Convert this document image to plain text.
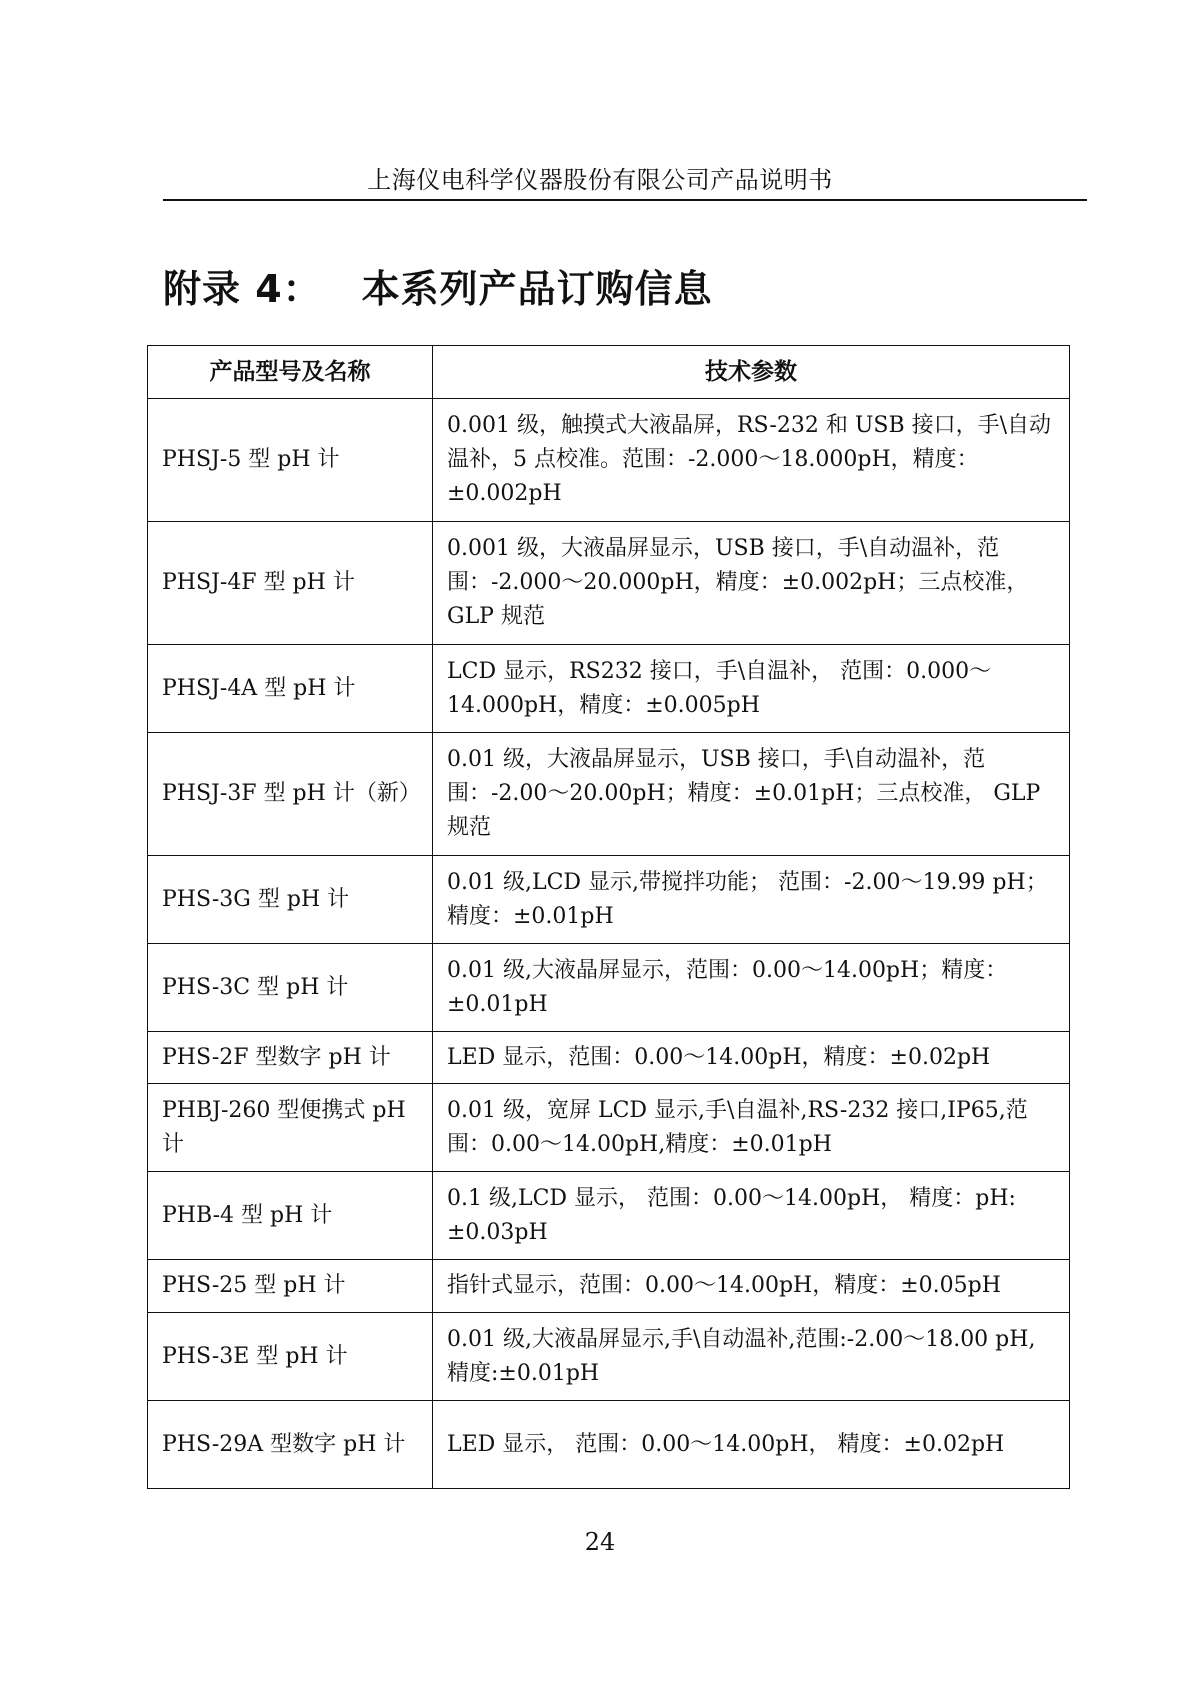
上海仪电科学仪器股份有限公司产品说明书
附录 4： 本系列产品订购信息
产品型号及名称	技术参数
PHSJ-5 型 pH 计	0.001 级，触摸式大液晶屏，RS-232 和 USB 接口，手\自动温补，5 点校准。范围：-2.000～18.000pH，精度：±0.002pH
PHSJ-4F 型 pH 计	0.001 级，大液晶屏显示，USB 接口，手\自动温补，范围：-2.000～20.000pH，精度：±0.002pH；三点校准， GLP 规范
PHSJ-4A 型 pH 计	LCD 显示，RS232 接口，手\自温补， 范围：0.000～14.000pH，精度：±0.005pH
PHSJ-3F 型 pH 计（新）	0.01 级，大液晶屏显示，USB 接口，手\自动温补，范围：-2.00～20.00pH；精度：±0.01pH；三点校准， GLP 规范
PHS-3G 型 pH 计	0.01 级,LCD 显示,带搅拌功能； 范围：-2.00～19.99 pH；精度：±0.01pH
PHS-3C 型 pH 计	0.01 级,大液晶屏显示，范围：0.00～14.00pH；精度：±0.01pH
PHS-2F 型数字 pH 计	LED 显示，范围：0.00～14.00pH，精度：±0.02pH
PHBJ-260 型便携式 pH 计	0.01 级，宽屏 LCD 显示,手\自温补,RS-232 接口,IP65,范围：0.00～14.00pH,精度：±0.01pH
PHB-4 型 pH 计	0.1 级,LCD 显示， 范围：0.00～14.00pH， 精度：pH:±0.03pH
PHS-25 型 pH 计	指针式显示，范围：0.00～14.00pH，精度：±0.05pH
PHS-3E 型 pH 计	0.01 级,大液晶屏显示,手\自动温补,范围:-2.00～18.00 pH,精度:±0.01pH
PHS-29A 型数字 pH 计	LED 显示， 范围：0.00～14.00pH， 精度：±0.02pH
24
